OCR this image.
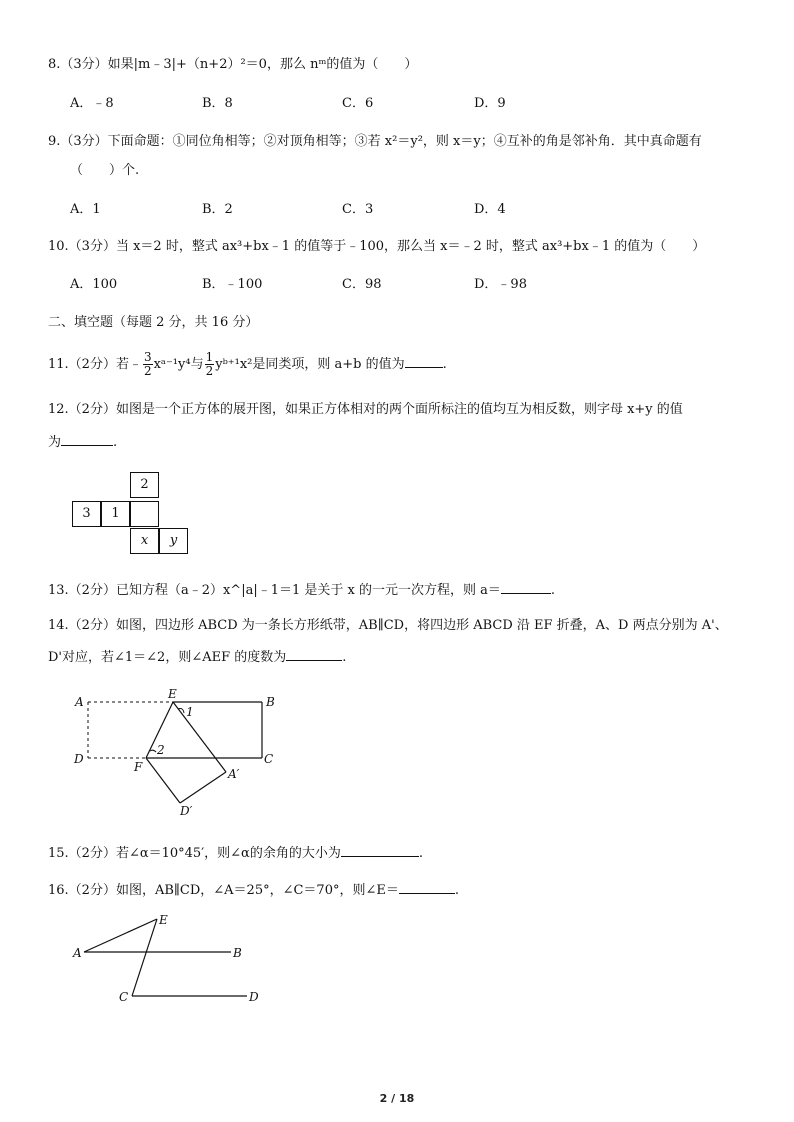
8.（3分）如果|m﹣3|+（n+2）²＝0，那么 nᵐ的值为（　　）
A．﹣8	B．8	C．6	D．9
9.（3分）下面命题：①同位角相等；②对顶角相等；③若 x²＝y²，则 x＝y；④互补的角是邻补角．其中真命题有
（　　）个.
A．1	B．2	C．3	D．4
10.（3分）当 x＝2 时，整式 ax³+bx﹣1 的值等于﹣100，那么当 x＝﹣2 时，整式 ax³+bx﹣1 的值为（　　）
A．100	B．﹣100	C．98	D．﹣98
二、填空题（每题 2 分，共 16 分）
11.（2分）若﹣ $\frac{3}{2}$ xᵃ⁻¹y⁴与 $\frac{1}{2}$ yᵇ⁺¹x²是同类项，则 a+b 的值为	.
12.（2分）如图是一个正方体的展开图，如果正方体相对的两个面所标注的值均互为相反数，则字母 x+y 的值
为	.
2
3	1
x	y
13.（2分）已知方程（a﹣2）x^|a|﹣1＝1 是关于 x 的一元一次方程，则 a＝	.
14.（2分）如图，四边形 ABCD 为一条长方形纸带，AB∥CD，将四边形 ABCD 沿 EF 折叠，A、D 两点分别为 A'、
D'对应，若∠1＝∠2，则∠AEF 的度数为	.
A
E
B
D
F
C
A′
D′
1
2
E
A	B
C	D
15.（2分）若∠α＝10°45′，则∠α的余角的大小为	.
16.（2分）如图，AB∥CD，∠A＝25°，∠C＝70°，则∠E＝	.
2 / 18
